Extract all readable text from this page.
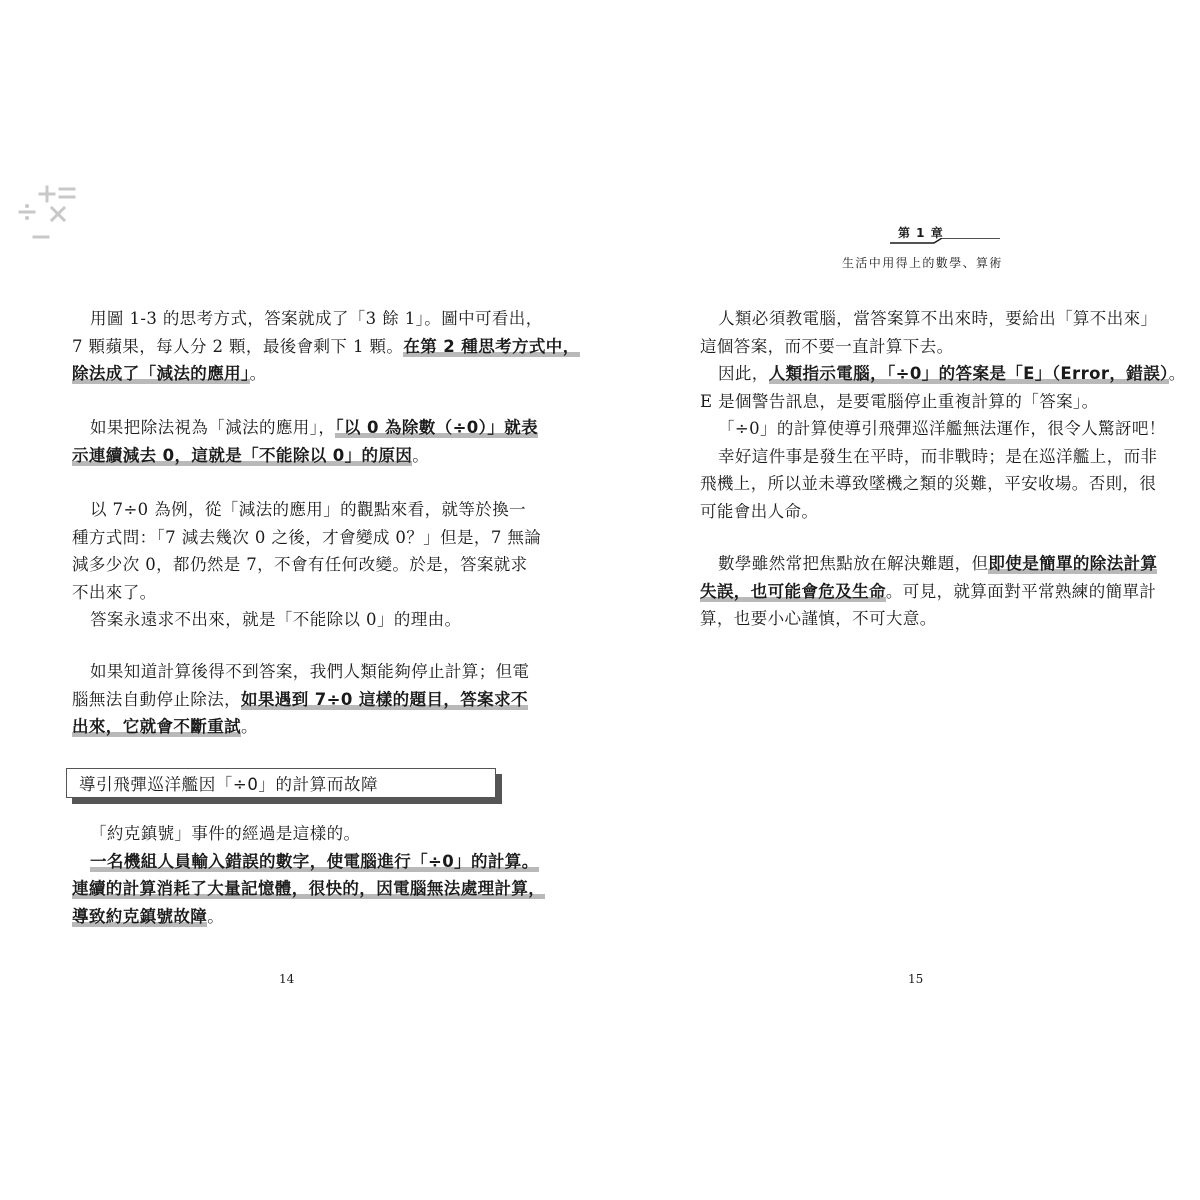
用圖 1-3 的思考方式，答案就成了「3 餘 1」。圖中可看出，
7 顆蘋果，每人分 2 顆，最後會剩下 1 顆。在第 2 種思考方式中，
除法成了「減法的應用」。

如果把除法視為「減法的應用」，「以 0 為除數（÷0）」就表
示連續減去 0，這就是「不能除以 0」的原因。

以 7÷0 為例，從「減法的應用」的觀點來看，就等於換一
種方式問：「7 減去幾次 0 之後，才會變成 0？」但是，7 無論
減多少次 0，都仍然是 7，不會有任何改變。於是，答案就求
不出來了。
答案永遠求不出來，就是「不能除以 0」的理由。

如果知道計算後得不到答案，我們人類能夠停止計算；但電
腦無法自動停止除法，如果遇到 7÷0 這樣的題目，答案求不
出來，它就會不斷重試。

導引飛彈巡洋艦因「÷0」的計算而故障

「約克鎮號」事件的經過是這樣的。
一名機組人員輸入錯誤的數字，使電腦進行「÷0」的計算。
連續的計算消耗了大量記憶體，很快的，因電腦無法處理計算，
導致約克鎮號故障。

14
第 1 章
生活中用得上的數學、算術

人類必須教電腦，當答案算不出來時，要給出「算不出來」
這個答案，而不要一直計算下去。
因此，人類指示電腦，「÷0」的答案是「E」（Error，錯誤）。
E 是個警告訊息，是要電腦停止重複計算的「答案」。
「÷0」的計算使導引飛彈巡洋艦無法運作，很令人驚訝吧！
幸好這件事是發生在平時，而非戰時；是在巡洋艦上，而非
飛機上，所以並未導致墜機之類的災難，平安收場。否則，很
可能會出人命。

數學雖然常把焦點放在解決難題，但即使是簡單的除法計算
失誤，也可能會危及生命。可見，就算面對平常熟練的簡單計
算，也要小心謹慎，不可大意。

15
